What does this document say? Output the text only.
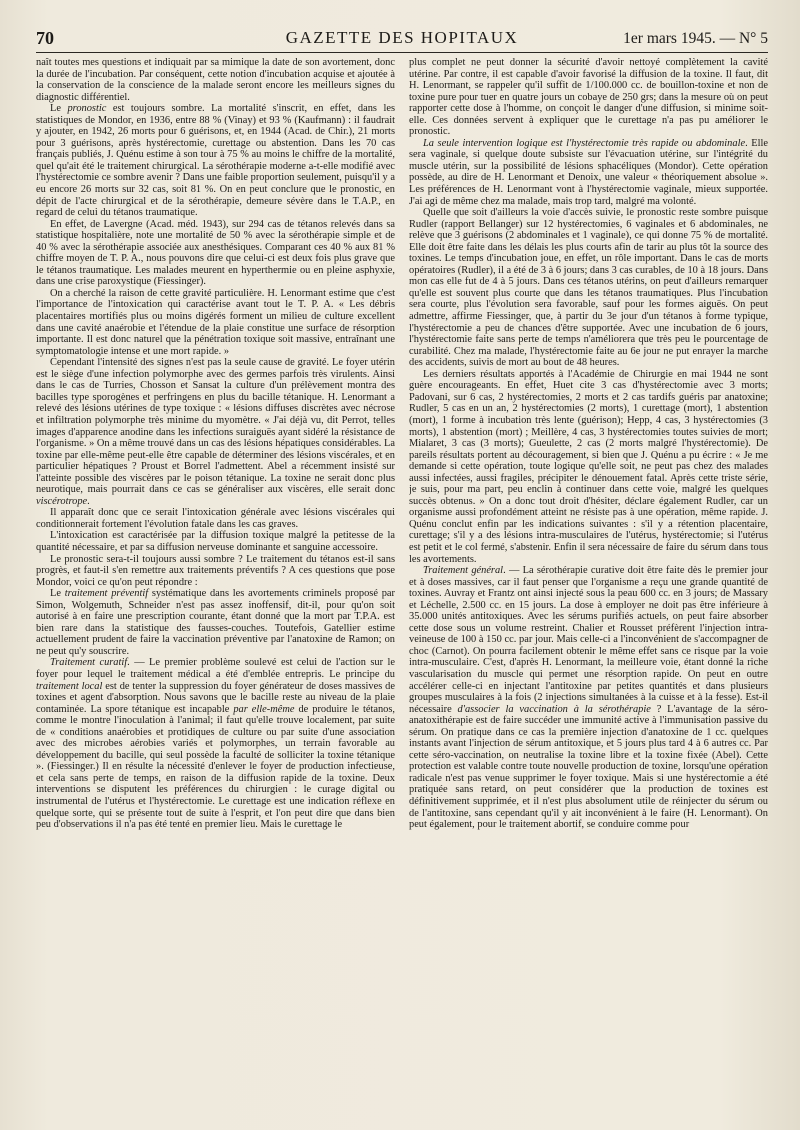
70	GAZETTE DES HOPITAUX	1er mars 1945. — N° 5

naît toutes mes questions et indiquait par sa mimique la date de son avortement, donc la durée de l'incubation. Par conséquent, cette notion d'incubation acquise et ajoutée à la conservation de la conscience de la malade seront encore les meilleurs signes du diagnostic différentiel.

Le pronostic est toujours sombre. La mortalité s'inscrit, en effet, dans les statistiques de Mondor, en 1936, entre 88 % (Vinay) et 93 % (Kaufmann) : il faudrait y ajouter, en 1942, 26 morts pour 6 guérisons, et, en 1944 (Acad. de Chir.), 21 morts pour 3 guérisons, après hystérectomie, curettage ou abstention. Dans les 70 cas français publiés, J. Quénu estime à son tour à 75 % au moins le chiffre de la mortalité, quel qu'ait été le traitement chirurgical. La sérothérapie moderne a-t-elle modifié avec l'hystérectomie ce sombre avenir ? Dans une faible proportion seulement, puisqu'il y a eu encore 26 morts sur 32 cas, soit 81 %. On en peut conclure que le pronostic, en dépit de l'acte chirurgical et de la sérothérapie, demeure sévère dans le T.A.P., en regard de celui du tétanos traumatique.

En effet, de Lavergne (Acad. méd. 1943), sur 294 cas de tétanos relevés dans sa statistique hospitalière, note une mortalité de 50 % avec la sérothérapie simple et de 40 % avec la sérothérapie associée aux anesthésiques. Comparant ces 40 % aux 81 % chiffre moyen de T. P. A., nous pouvons dire que celui-ci est deux fois plus grave que le tétanos traumatique. Les malades meurent en hyperthermie ou en pleine asphyxie, dans une crise paroxystique (Fiessinger).

On a cherché la raison de cette gravité particulière. H. Lenormant estime que c'est l'importance de l'intoxication qui caractérise avant tout le T. P. A. « Les débris placentaires mortifiés plus ou moins digérés forment un milieu de culture excellent dans une cavité anaérobie et l'étendue de la plaie constitue une surface de résorption importante. Il est donc naturel que la pénétration toxique soit massive, entraînant une symptomatologie intense et une mort rapide. »

Cependant l'intensité des signes n'est pas la seule cause de gravité. Le foyer utérin est le siège d'une infection polymorphe avec des germes parfois très virulents. Ainsi dans le cas de Turries, Chosson et Sansat la culture d'un prélèvement montra des bacilles type sporogènes et perfringens en plus du bacille tétanique. H. Lenormant a relevé des lésions utérines de type toxique : « lésions diffuses discrètes avec nécrose et infiltration polymorphe très minime du myomètre. « J'ai déjà vu, dit Perrot, telles images d'apparence anodine dans les infections suraiguës ayant sidéré la résistance de l'organisme. » On a même trouvé dans un cas des lésions hépatiques considérables. La toxine par elle-même peut-elle être capable de déterminer des lésions viscérales, et en particulier hépatiques ? Proust et Borrel l'admettent. Abel a récemment insisté sur l'atteinte possible des viscères par le poison tétanique. La toxine ne serait donc plus neurotique, mais pourrait dans ce cas se généraliser aux viscères, elle serait donc viscérotrope.

Il apparaît donc que ce serait l'intoxication générale avec lésions viscérales qui conditionnerait fortement l'évolution fatale dans les cas graves.

L'intoxication est caractérisée par la diffusion toxique malgré la petitesse de la quantité nécessaire, et par sa diffusion nerveuse dominante et sanguine accessoire.

Le pronostic sera-t-il toujours aussi sombre ? Le traitement du tétanos est-il sans progrès, et faut-il s'en remettre aux traitements préventifs ? A ces questions que pose Mondor, voici ce qu'on peut répondre :

Le traitement préventif systématique dans les avortements criminels proposé par Simon, Wolgemuth, Schneider n'est pas assez inoffensif, dit-il, pour qu'on soit autorisé à en faire une prescription courante, étant donné que la mort par T.P.A. est bien rare dans la statistique des fausses-couches. Toutefois, Gatellier estime actuellement prudent de faire la vaccination préventive par l'anatoxine de Ramon; on ne peut qu'y souscrire.

Traitement curatif. — Le premier problème soulevé est celui de l'action sur le foyer pour lequel le traitement médical a été d'emblée entrepris. Le principe du traitement local est de tenter la suppression du foyer générateur de doses massives de toxines et agent d'absorption. Nous savons que le bacille reste au niveau de la plaie contaminée. La spore tétanique est incapable par elle-même de produire le tétanos, comme le montre l'inoculation à l'animal; il faut qu'elle trouve localement, par suite de « conditions anaérobies et protidiques de culture ou par suite d'une association avec des microbes aérobies variés et polymorphes, un terrain favorable au développement du bacille, qui seul possède la faculté de solliciter la toxine tétanique ». (Fiessinger.) Il en résulte la nécessité d'enlever le foyer de production infectieuse, et cela sans perte de temps, en raison de la diffusion rapide de la toxine. Deux interventions se disputent les préférences du chirurgien : le curage digital ou instrumental de l'utérus et l'hystérectomie. Le curettage est une indication réflexe en quelque sorte, qui se présente tout de suite à l'esprit, et l'on peut dire que dans bien peu d'observations il n'a pas été tenté en premier lieu. Mais le curettage le

plus complet ne peut donner la sécurité d'avoir nettoyé complètement la cavité utérine. Par contre, il est capable d'avoir favorisé la diffusion de la toxine. Il faut, dit H. Lenormant, se rappeler qu'il suffit de 1/100.000 cc. de bouillon-toxine et non de toxine pure pour tuer en quatre jours un cobaye de 250 grs; dans la mesure où on peut rapporter cette dose à l'homme, on conçoit le danger d'une diffusion, si minime soit-elle. Ces données servent à expliquer que le curettage n'a pas pu améliorer le pronostic.

La seule intervention logique est l'hystérectomie très rapide ou abdominale. Elle sera vaginale, si quelque doute subsiste sur l'évacuation utérine, sur l'intégrité du muscle utérin, sur la possibilité de lésions sphacéliques (Mondor). Cette opération possède, au dire de H. Lenormant et Denoix, une valeur « théoriquement absolue ». Les préférences de H. Lenormant vont à l'hystérectomie vaginale, mieux supportée. J'ai agi de même chez ma malade, mais trop tard, malgré ma volonté.

Quelle que soit d'ailleurs la voie d'accès suivie, le pronostic reste sombre puisque Rudler (rapport Bellanger) sur 12 hystérectomies, 6 vaginales et 6 abdominales, ne relève que 3 guérisons (2 abdominales et 1 vaginale), ce qui donne 75 % de mortalité. Elle doit être faite dans les délais les plus courts afin de tarir au plus tôt la source des toxines. Le temps d'incubation joue, en effet, un rôle important. Dans le cas de morts opératoires (Rudler), il a été de 3 à 6 jours; dans 3 cas curables, de 10 à 18 jours. Dans mon cas elle fut de 4 à 5 jours. Dans ces tétanos utérins, on peut d'ailleurs remarquer qu'elle est souvent plus courte que dans les tétanos traumatiques. Plus l'incubation sera courte, plus l'évolution sera favorable, sauf pour les formes aiguës. On peut admettre, affirme Fiessinger, que, à partir du 3e jour d'un tétanos à forme typique, l'hystérectomie a peu de chances d'être supportée. Avec une incubation de 6 jours, l'hystérectomie faite sans perte de temps n'améliorera que très peu le pourcentage de curabilité. Chez ma malade, l'hystérectomie faite au 6e jour ne put enrayer la marche des accidents, suivis de mort au bout de 48 heures.

Les derniers résultats apportés à l'Académie de Chirurgie en mai 1944 ne sont guère encourageants. En effet, Huet cite 3 cas d'hystérectomie avec 3 morts; Padovani, sur 6 cas, 2 hystérectomies, 2 morts et 2 cas tardifs guéris par anatoxine; Rudler, 5 cas en un an, 2 hystérectomies (2 morts), 1 curettage (mort), 1 abstention (mort), 1 forme à incubation très lente (guérison); Hepp, 4 cas, 3 hystérectomies (3 morts), 1 abstention (mort) ; Meillère, 4 cas, 3 hystérectomies toutes suivies de mort; Mialaret, 3 cas (3 morts); Gueulette, 2 cas (2 morts malgré l'hystérectomie). De pareils résultats portent au découragement, si bien que J. Quénu a pu écrire : « Je me demande si cette opération, toute logique qu'elle soit, ne peut pas chez des malades aussi infectées, aussi fragiles, précipiter le dénouement fatal. Après cette triste série, je suis, pour ma part, peu enclin à continuer dans cette voie, malgré les quelques succès obtenus. » On a donc tout droit d'hésiter, déclare également Rudler, car un organisme aussi profondément atteint ne résiste pas à une opération, même rapide. J. Quénu conclut enfin par les indications suivantes : s'il y a rétention placentaire, curettage; s'il y a des lésions intra-musculaires de l'utérus, hystérectomie; si l'utérus est petit et le col fermé, s'abstenir. Enfin il sera nécessaire de faire du sérum dans tous les avortements.

Traitement général. — La sérothérapie curative doit être faite dès le premier jour et à doses massives, car il faut penser que l'organisme a reçu une grande quantité de toxines. Auvray et Frantz ont ainsi injecté sous la peau 600 cc. en 3 jours; de Massary et Léchelle, 2.500 cc. en 15 jours. La dose à employer ne doit pas être inférieure à 35.000 unités antitoxiques. Avec les sérums purifiés actuels, on peut faire absorber cette dose sous un volume restreint. Chalier et Rousset préfèrent l'injection intra-veineuse de 100 à 150 cc. par jour. Mais celle-ci a l'inconvénient de s'accompagner de choc (Carnot). On pourra facilement obtenir le même effet sans ce risque par la voie intra-musculaire. C'est, d'après H. Lenormant, la meilleure voie, étant donné la riche vascularisation du muscle qui permet une résorption rapide. On peut en outre accélérer celle-ci en injectant l'antitoxine par petites quantités et dans plusieurs groupes musculaires à la fois (2 injections simultanées à la cuisse et à la fesse). Est-il nécessaire d'associer la vaccination à la sérothérapie ? L'avantage de la séro-anatoxithérapie est de faire succéder une immunité active à l'immunisation passive du sérum. On pratique dans ce cas la première injection d'anatoxine de 1 cc. quelques instants avant l'injection de sérum antitoxique, et 5 jours plus tard 4 à 6 autres cc. Par cette séro-vaccination, on neutralise la toxine libre et la toxine fixée (Abel). Cette protection est valable contre toute nouvelle production de toxine, lorsqu'une opération radicale n'est pas venue supprimer le foyer toxique. Mais si une hystérectomie a été pratiquée sans retard, on peut considérer que la production de toxines est définitivement supprimée, et il n'est plus absolument utile de réinjecter du sérum ou de l'antitoxine, sans cependant qu'il y ait inconvénient à le faire (H. Lenormant). On peut également, pour le traitement abortif, se conduire comme pour
